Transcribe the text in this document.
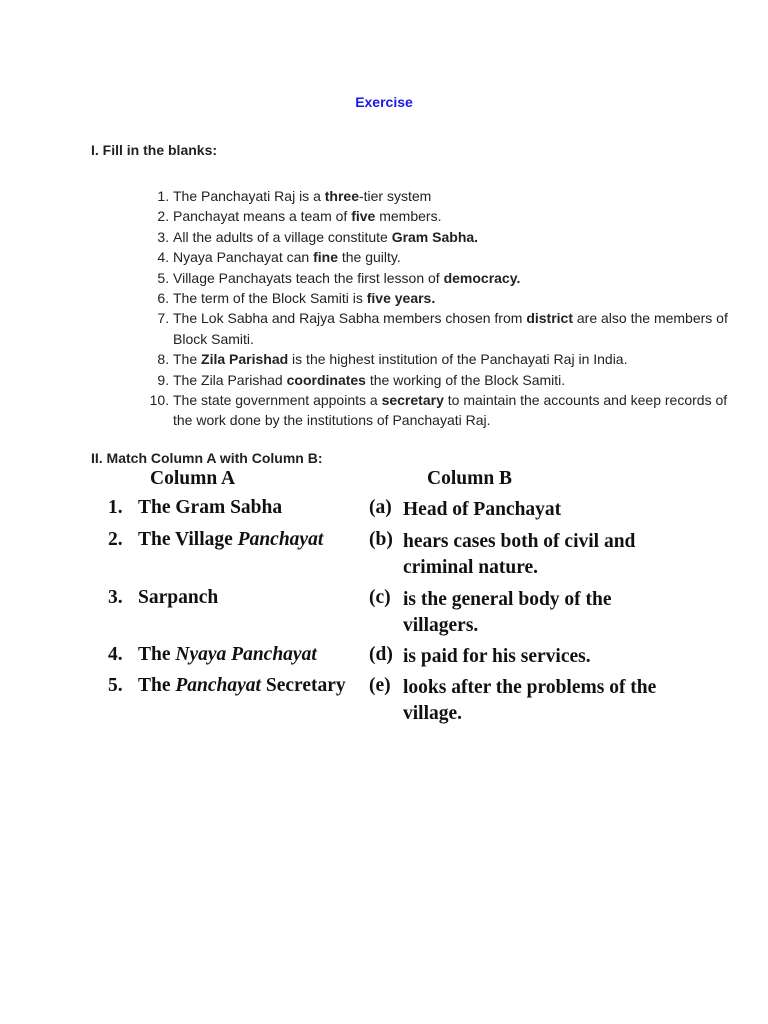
Exercise
I. Fill in the blanks:
1. The Panchayati Raj is a three-tier system
2. Panchayat means a team of five members.
3. All the adults of a village constitute Gram Sabha.
4. Nyaya Panchayat can fine the guilty.
5. Village Panchayats teach the first lesson of democracy.
6. The term of the Block Samiti is five years.
7. The Lok Sabha and Rajya Sabha members chosen from district are also the members of Block Samiti.
8. The Zila Parishad is the highest institution of the Panchayati Raj in India.
9. The Zila Parishad coordinates the working of the Block Samiti.
10. The state government appoints a secretary to maintain the accounts and keep records of the work done by the institutions of Panchayati Raj.
II. Match Column A with Column B:
Column A	Column B
1. The Gram Sabha	(a) Head of Panchayat
2. The Village Panchayat (b) hears cases both of civil and criminal nature.
3. Sarpanch	(c) is the general body of the villagers.
4. The Nyaya Panchayat	(d) is paid for his services.
5. The Panchayat Secretary (e) looks after the problems of the village.
